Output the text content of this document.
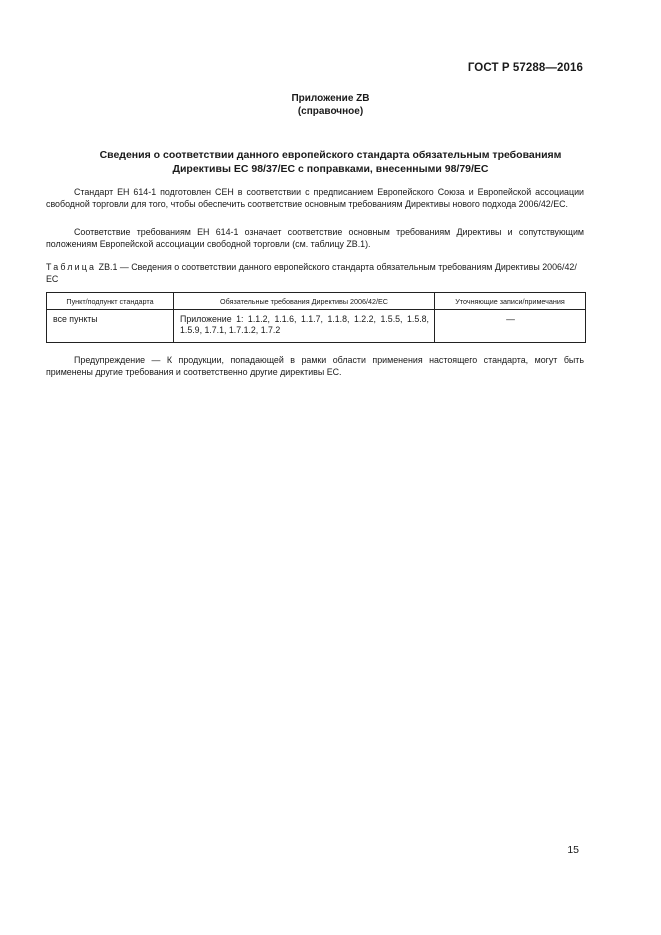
ГОСТ Р 57288—2016
Приложение ZB
(справочное)
Сведения о соответствии данного европейского стандарта обязательным требованиям
Директивы ЕС 98/37/ЕС с поправками, внесенными 98/79/ЕС

Стандарт ЕН 614-1 подготовлен СЕН в соответствии с предписанием Европейского Союза и Европейской ассоциации свободной торговли для того, чтобы обеспечить соответствие основным требованиям Директивы нового подхода 2006/42/ЕС.

Соответствие требованиям ЕН 614-1 означает соответствие основным требованиям Директивы и сопутствующим положениям Европейской ассоциации свободной торговли (см. таблицу ZB.1).

Таблица ZB.1 — Сведения о соответствии данного европейского стандарта обязательным требованиям Директивы 2006/42/ЕС

Пункт/подпункт стандарта	Обязательные требования Директивы 2006/42/ЕС	Уточняющие записи/примечания
все пункты	Приложение 1: 1.1.2, 1.1.6, 1.1.7, 1.1.8, 1.2.2, 1.5.5, 1.5.8, 1.5.9, 1.7.1, 1.7.1.2, 1.7.2	—

Предупреждение — К продукции, попадающей в рамки области применения настоящего стандарта, могут быть применены другие требования и соответственно другие директивы ЕС.

15
